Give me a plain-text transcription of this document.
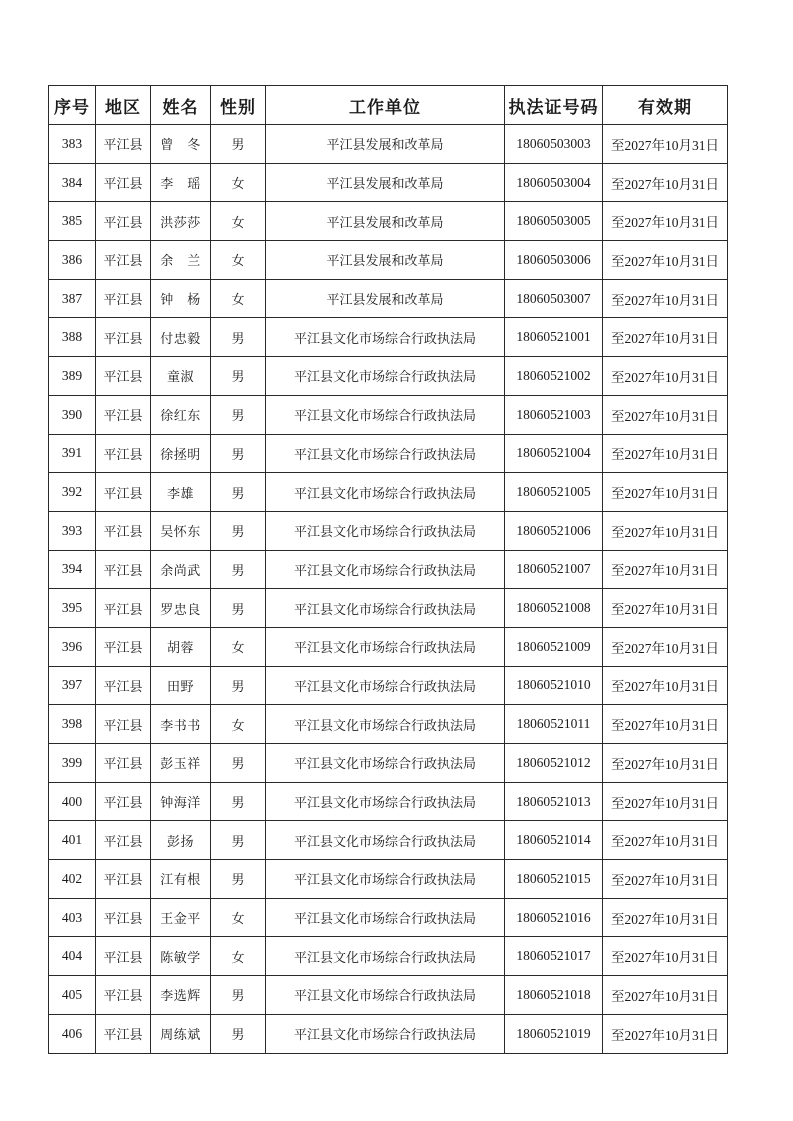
序号	地区	姓名	性别	工作单位	执法证号码	有效期
383	平江县	曾　冬	男	平江县发展和改革局	18060503003	至2027年10月31日
384	平江县	李　瑶	女	平江县发展和改革局	18060503004	至2027年10月31日
385	平江县	洪莎莎	女	平江县发展和改革局	18060503005	至2027年10月31日
386	平江县	余　兰	女	平江县发展和改革局	18060503006	至2027年10月31日
387	平江县	钟　杨	女	平江县发展和改革局	18060503007	至2027年10月31日
388	平江县	付忠毅	男	平江县文化市场综合行政执法局	18060521001	至2027年10月31日
389	平江县	童淑	男	平江县文化市场综合行政执法局	18060521002	至2027年10月31日
390	平江县	徐红东	男	平江县文化市场综合行政执法局	18060521003	至2027年10月31日
391	平江县	徐拯明	男	平江县文化市场综合行政执法局	18060521004	至2027年10月31日
392	平江县	李雄	男	平江县文化市场综合行政执法局	18060521005	至2027年10月31日
393	平江县	吴怀东	男	平江县文化市场综合行政执法局	18060521006	至2027年10月31日
394	平江县	余尚武	男	平江县文化市场综合行政执法局	18060521007	至2027年10月31日
395	平江县	罗忠良	男	平江县文化市场综合行政执法局	18060521008	至2027年10月31日
396	平江县	胡蓉	女	平江县文化市场综合行政执法局	18060521009	至2027年10月31日
397	平江县	田野	男	平江县文化市场综合行政执法局	18060521010	至2027年10月31日
398	平江县	李书书	女	平江县文化市场综合行政执法局	18060521011	至2027年10月31日
399	平江县	彭玉祥	男	平江县文化市场综合行政执法局	18060521012	至2027年10月31日
400	平江县	钟海洋	男	平江县文化市场综合行政执法局	18060521013	至2027年10月31日
401	平江县	彭扬	男	平江县文化市场综合行政执法局	18060521014	至2027年10月31日
402	平江县	江有根	男	平江县文化市场综合行政执法局	18060521015	至2027年10月31日
403	平江县	王金平	女	平江县文化市场综合行政执法局	18060521016	至2027年10月31日
404	平江县	陈敏学	女	平江县文化市场综合行政执法局	18060521017	至2027年10月31日
405	平江县	李选辉	男	平江县文化市场综合行政执法局	18060521018	至2027年10月31日
406	平江县	周练斌	男	平江县文化市场综合行政执法局	18060521019	至2027年10月31日
